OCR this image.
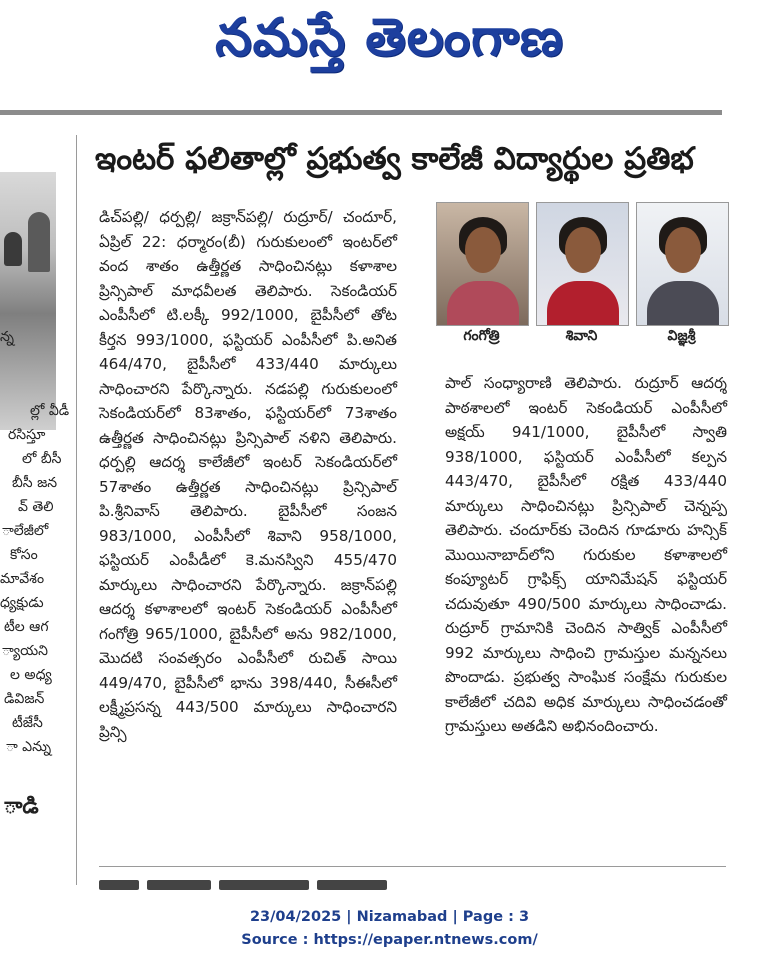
నమస్తే తెలంగాణ
న్న
ల్లో వీడీ
రసిస్తూ
లో బీసీ
బీసీ జన
వ్ తెలి
ాలేజీలో
కోసం
మావేశం
ధ్యక్షుడు
టీల ఆగ
్యాయని
ల అధ్య
డివిజన్
టీజేసీ
ా ఎన్ను
ాడి
ఇంటర్ ఫలితాల్లో ప్రభుత్వ కాలేజీ విద్యార్థుల ప్రతిభ

డిచ్‌పల్లి/ ధర్పల్లి/ జక్రాన్‌పల్లి/ రుద్రూర్/ చందూర్, ఏప్రిల్ 22: ధర్మారం(బీ) గురుకులంలో ఇంటర్‌లో వంద శాతం ఉత్తీర్ణత సాధించినట్లు కళాశాల ప్రిన్సిపాల్ మాధవీలత తెలిపారు. సెకండియర్ ఎంపీసీలో టి.లక్కీ 992/1000, బైపీసీలో తోట కీర్తన 993/1000, ఫస్టియర్ ఎంపీసీలో పి.అనిత 464/470, బైపీసీలో 433/440 మార్కులు సాధించారని పేర్కొన్నారు. నడపల్లి గురుకులంలో సెకండియర్‌లో 83శాతం, ఫస్టియర్‌లో 73శాతం ఉత్తీర్ణత సాధించినట్లు ప్రిన్సిపాల్ నళిని తెలిపారు. ధర్పల్లి ఆదర్శ కాలేజీలో ఇంటర్ సెకండియర్‌లో 57శాతం ఉత్తీర్ణత సాధించినట్లు ప్రిన్సిపాల్ పి.శ్రీనివాస్ తెలిపారు. బైపీసీలో సంజన 983/1000, ఎంపీసీలో శివాని 958/1000, ఫస్టియర్ ఎంపీడీలో కె.మనస్విని 455/470 మార్కులు సాధించారని పేర్కొన్నారు. జక్రాన్‌పల్లి ఆదర్శ కళాశాలలో ఇంటర్ సెకండియర్ ఎంపీసీలో గంగోత్రి 965/1000, బైపీసీలో అను 982/1000, మొదటి సంవత్సరం ఎంపీసీలో రుచిత్ సాయి 449/470, బైపీసీలో భాను 398/440, సీఈసీలో లక్ష్మీప్రసన్న 443/500 మార్కులు సాధించారని ప్రిన్సి

గంగోత్రి	శివాని	విజ్ఞశ్రీ

పాల్ సంధ్యారాణి తెలిపారు. రుద్రూర్ ఆదర్శ పాఠశాలలో ఇంటర్ సెకండియర్ ఎంపీసీలో అక్షయ్ 941/1000, బైపీసీలో స్వాతి 938/1000, ఫస్టియర్ ఎంపీసీలో కల్పన 443/470, బైపీసీలో రక్షిత 433/440 మార్కులు సాధించినట్లు ప్రిన్సిపాల్ చెన్నప్ప తెలిపారు. చందూర్‌కు చెందిన గూడూరు హన్సిక్ మొయినాబాద్‌లోని గురుకుల కళాశాలలో కంప్యూటర్ గ్రాఫిక్స్ యానిమేషన్ ఫస్టియర్ చదువుతూ 490/500 మార్కులు సాధించాడు. రుద్రూర్ గ్రామానికి చెందిన సాత్విక్ ఎంపీసీలో 992 మార్కులు సాధించి గ్రామస్తుల మన్ననలు పొందాడు. ప్రభుత్వ సాంఘిక సంక్షేమ గురుకుల కాలేజీలో చదివి అధిక మార్కులు సాధించడంతో గ్రామస్తులు అతడిని అభినందించారు.

23/04/2025 | Nizamabad | Page : 3
Source : https://epaper.ntnews.com/
